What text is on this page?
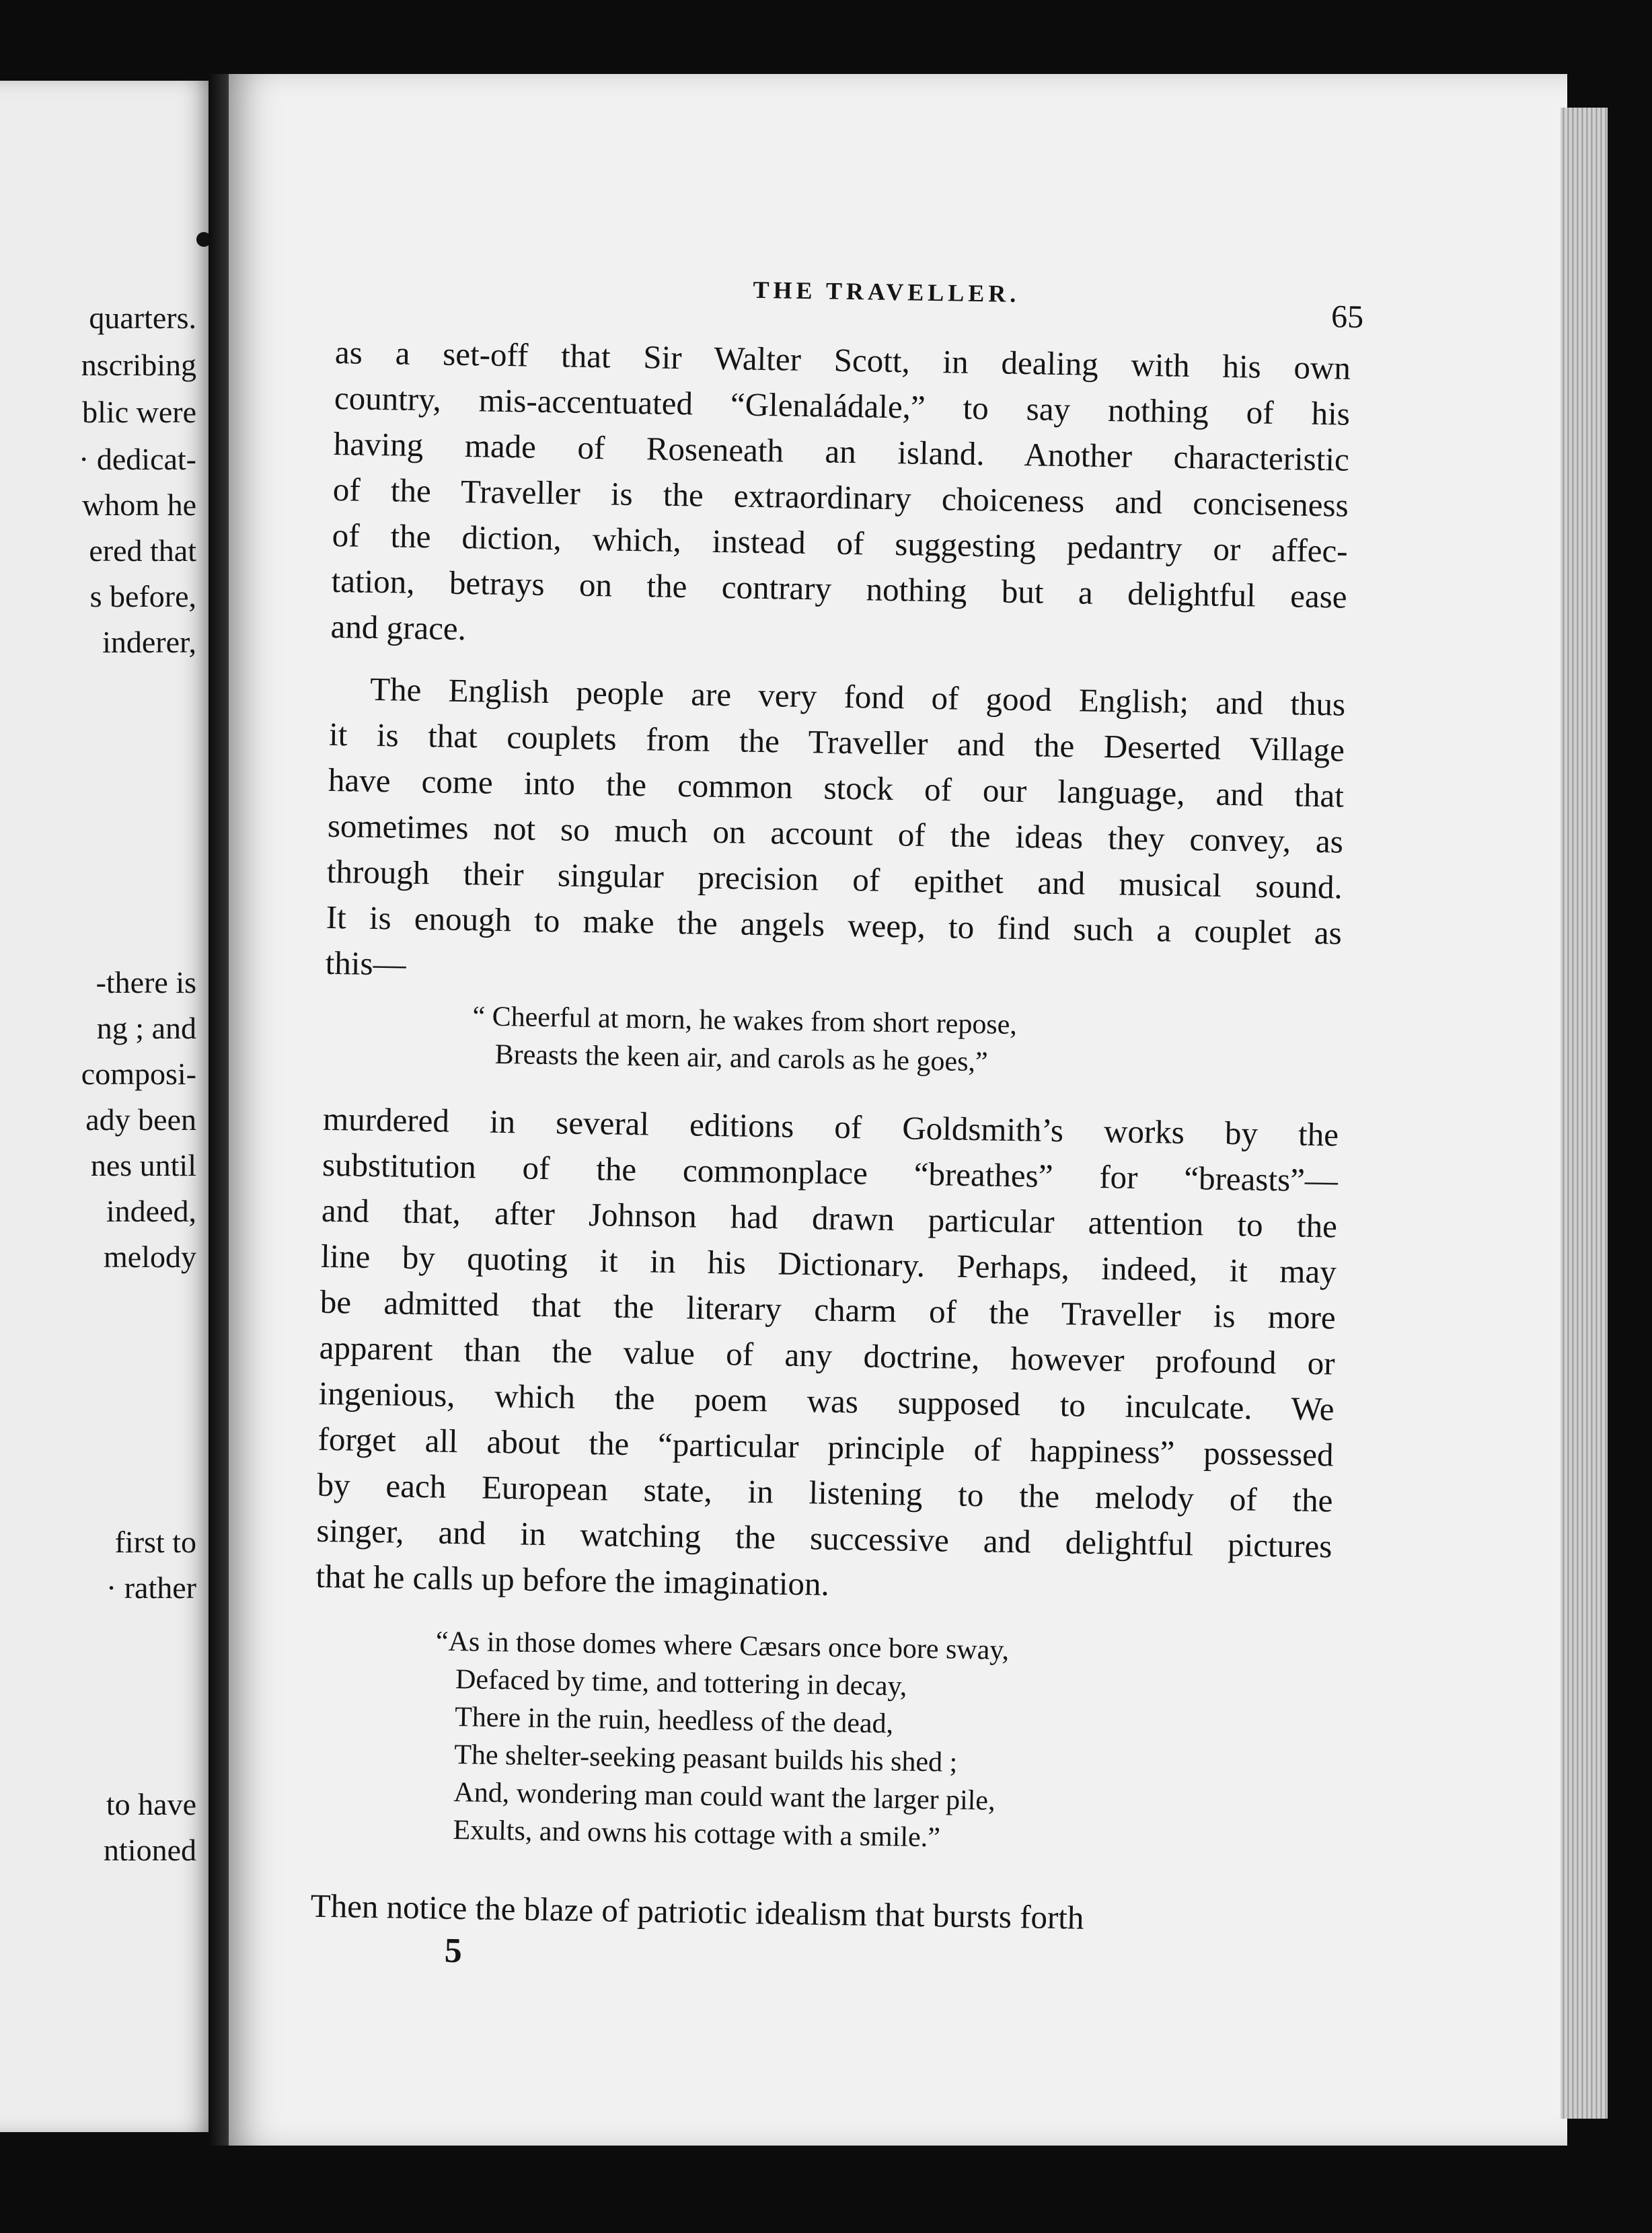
quarters.
nscribing
blic were
· dedicat-
whom he
ered that
s before,
inderer,
-there is
ng ; and
composi-
ady been
nes until
indeed,
melody
first to
· rather
to have
ntioned
THE TRAVELLER.
65
as a set-off that Sir Walter Scott, in dealing with his own
country, mis-accentuated “Glenaládale,” to say nothing of his
having made of Roseneath an island. Another characteristic
of the Traveller is the extraordinary choiceness and conciseness
of the diction, which, instead of suggesting pedantry or affec-
tation, betrays on the contrary nothing but a delightful ease
and grace.
The English people are very fond of good English; and thus
it is that couplets from the Traveller and the Deserted Village
have come into the common stock of our language, and that
sometimes not so much on account of the ideas they convey, as
through their singular precision of epithet and musical sound.
It is enough to make the angels weep, to find such a couplet as
this—
“ Cheerful at morn, he wakes from short repose,
Breasts the keen air, and carols as he goes,”
murdered in several editions of Goldsmith’s works by the
substitution of the commonplace “breathes” for “breasts”—
and that, after Johnson had drawn particular attention to the
line by quoting it in his Dictionary. Perhaps, indeed, it may
be admitted that the literary charm of the Traveller is more
apparent than the value of any doctrine, however profound or
ingenious, which the poem was supposed to inculcate. We
forget all about the “particular principle of happiness” possessed
by each European state, in listening to the melody of the
singer, and in watching the successive and delightful pictures
that he calls up before the imagination.
“As in those domes where Cæsars once bore sway,
Defaced by time, and tottering in decay,
There in the ruin, heedless of the dead,
The shelter-seeking peasant builds his shed ;
And, wondering man could want the larger pile,
Exults, and owns his cottage with a smile.”
Then notice the blaze of patriotic idealism that bursts forth
5
